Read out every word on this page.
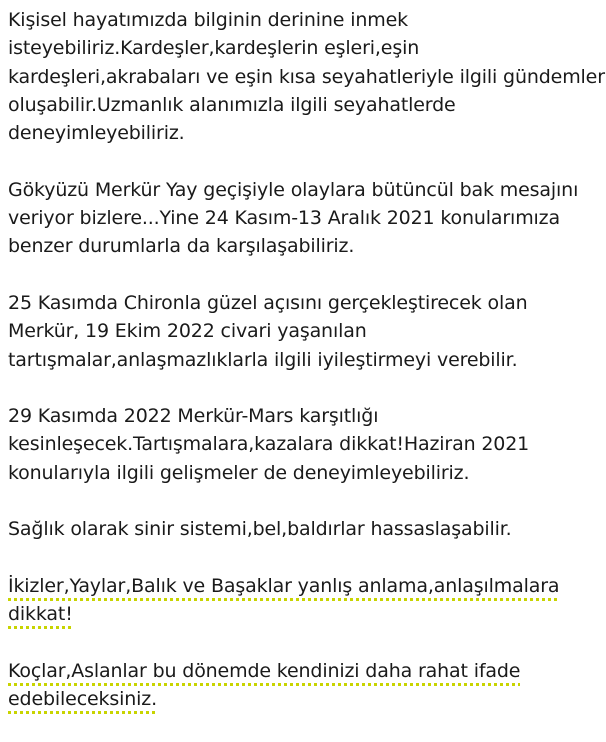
Kişisel hayatımızda bilginin derinine inmek
isteyebiliriz.Kardeşler,kardeşlerin eşleri,eşin
kardeşleri,akrabaları ve eşin kısa seyahatleriyle ilgili gündemler
oluşabilir.Uzmanlık alanımızla ilgili seyahatlerde
deneyimleyebiliriz.

Gökyüzü Merkür Yay geçişiyle olaylara bütüncül bak mesajını
veriyor bizlere...Yine 24 Kasım-13 Aralık 2021 konularımıza
benzer durumlarla da karşılaşabiliriz.

25 Kasımda Chironla güzel açısını gerçekleştirecek olan
Merkür, 19 Ekim 2022 civari yaşanılan
tartışmalar,anlaşmazlıklarla ilgili iyileştirmeyi verebilir.

29 Kasımda 2022 Merkür-Mars karşıtlığı
kesinleşecek.Tartışmalara,kazalara dikkat!Haziran 2021
konularıyla ilgili gelişmeler de deneyimleyebiliriz.

Sağlık olarak sinir sistemi,bel,baldırlar hassaslaşabilir.

İkizler,Yaylar,Balık ve Başaklar yanlış anlama,anlaşılmalara
dikkat!

Koçlar,Aslanlar bu dönemde kendinizi daha rahat ifade
edebileceksiniz.
